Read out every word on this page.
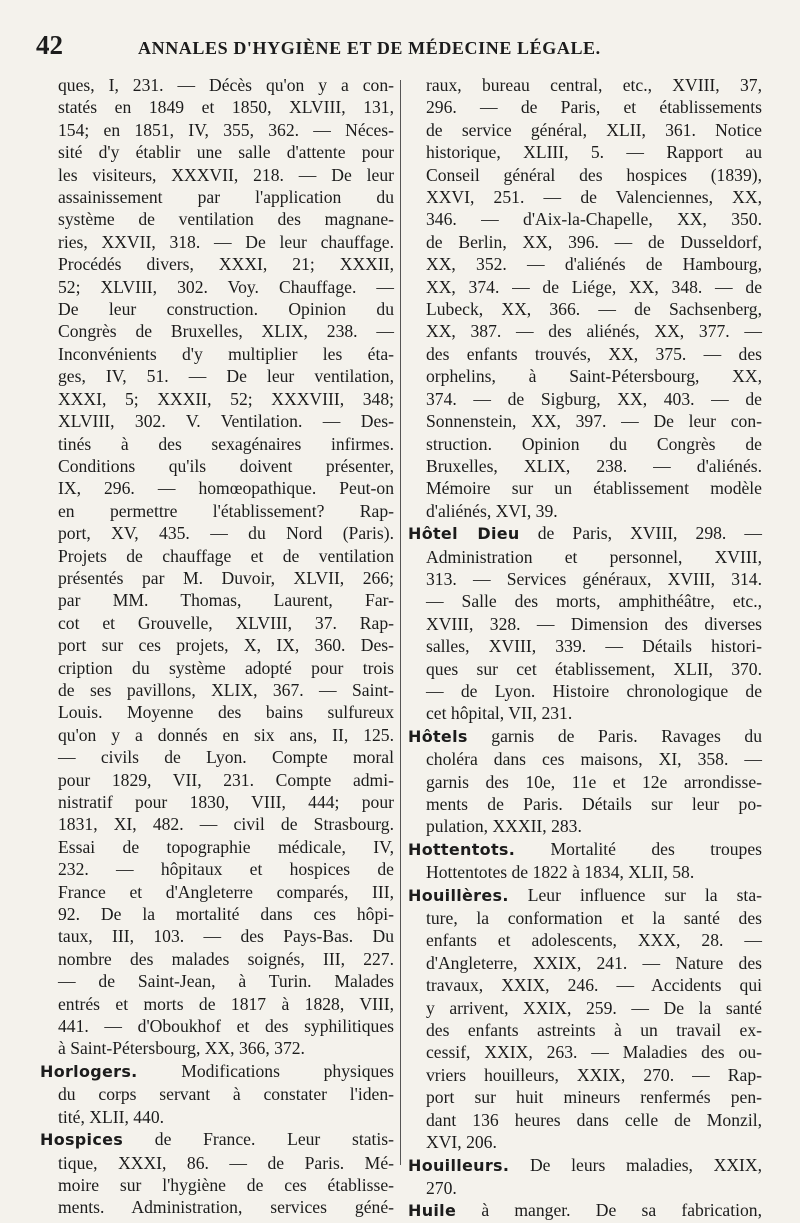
42	ANNALES D'HYGIÈNE ET DE MÉDECINE LÉGALE.
ques, I, 231. — Décès qu'on y a con-
statés en 1849 et 1850, XLVIII, 131,
154; en 1851, IV, 355, 362. — Néces-
sité d'y établir une salle d'attente pour
les visiteurs, XXXVII, 218. — De leur
assainissement par l'application du
système de ventilation des magnane-
ries, XXVII, 318. — De leur chauffage.
Procédés divers, XXXI, 21; XXXII,
52; XLVIII, 302. Voy. Chauffage. —
De leur construction. Opinion du
Congrès de Bruxelles, XLIX, 238. —
Inconvénients d'y multiplier les éta-
ges, IV, 51. — De leur ventilation,
XXXI, 5; XXXII, 52; XXXVIII, 348;
XLVIII, 302. V. Ventilation. — Des-
tinés à des sexagénaires infirmes.
Conditions qu'ils doivent présenter,
IX, 296. — homœopathique. Peut-on
en permettre l'établissement? Rap-
port, XV, 435. — du Nord (Paris).
Projets de chauffage et de ventilation
présentés par M. Duvoir, XLVII, 266;
par MM. Thomas, Laurent, Far-
cot et Grouvelle, XLVIII, 37. Rap-
port sur ces projets, X, IX, 360. Des-
cription du système adopté pour trois
de ses pavillons, XLIX, 367. — Saint-
Louis. Moyenne des bains sulfureux
qu'on y a donnés en six ans, II, 125.
— civils de Lyon. Compte moral
pour 1829, VII, 231. Compte admi-
nistratif pour 1830, VIII, 444; pour
1831, XI, 482. — civil de Strasbourg.
Essai de topographie médicale, IV,
232. — hôpitaux et hospices de
France et d'Angleterre comparés, III,
92. De la mortalité dans ces hôpi-
taux, III, 103. — des Pays-Bas. Du
nombre des malades soignés, III, 227.
— de Saint-Jean, à Turin. Malades
entrés et morts de 1817 à 1828, VIII,
441. — d'Oboukhof et des syphilitiques
à Saint-Pétersbourg, XX, 366, 372.
Horlogers. Modifications physiques
du corps servant à constater l'iden-
tité, XLII, 440.
Hospices de France. Leur statis-
tique, XXXI, 86. — de Paris. Mé-
moire sur l'hygiène de ces établisse-
ments. Administration, services géné-
raux, bureau central, etc., XVIII, 37,
296. — de Paris, et établissements
de service général, XLII, 361. Notice
historique, XLIII, 5. — Rapport au
Conseil général des hospices (1839),
XXVI, 251. — de Valenciennes, XX,
346. — d'Aix-la-Chapelle, XX, 350.
de Berlin, XX, 396. — de Dusseldorf,
XX, 352. — d'aliénés de Hambourg,
XX, 374. — de Liége, XX, 348. — de
Lubeck, XX, 366. — de Sachsenberg,
XX, 387. — des aliénés, XX, 377. —
des enfants trouvés, XX, 375. — des
orphelins, à Saint-Pétersbourg, XX,
374. — de Sigburg, XX, 403. — de
Sonnenstein, XX, 397. — De leur con-
struction. Opinion du Congrès de
Bruxelles, XLIX, 238. — d'aliénés.
Mémoire sur un établissement modèle
d'aliénés, XVI, 39.
Hôtel Dieu de Paris, XVIII, 298. —
Administration et personnel, XVIII,
313. — Services généraux, XVIII, 314.
— Salle des morts, amphithéâtre, etc.,
XVIII, 328. — Dimension des diverses
salles, XVIII, 339. — Détails histori-
ques sur cet établissement, XLII, 370.
— de Lyon. Histoire chronologique de
cet hôpital, VII, 231.
Hôtels garnis de Paris. Ravages du
choléra dans ces maisons, XI, 358. —
garnis des 10e, 11e et 12e arrondisse-
ments de Paris. Détails sur leur po-
pulation, XXXII, 283.
Hottentots. Mortalité des troupes
Hottentotes de 1822 à 1834, XLII, 58.
Houillères. Leur influence sur la sta-
ture, la conformation et la santé des
enfants et adolescents, XXX, 28. —
d'Angleterre, XXIX, 241. — Nature des
travaux, XXIX, 246. — Accidents qui
y arrivent, XXIX, 259. — De la santé
des enfants astreints à un travail ex-
cessif, XXIX, 263. — Maladies des ou-
vriers houilleurs, XXIX, 270. — Rap-
port sur huit mineurs renfermés pen-
dant 136 heures dans celle de Monzil,
XVI, 206.
Houilleurs. De leurs maladies, XXIX,
270.
Huile à manger. De sa fabrication,
